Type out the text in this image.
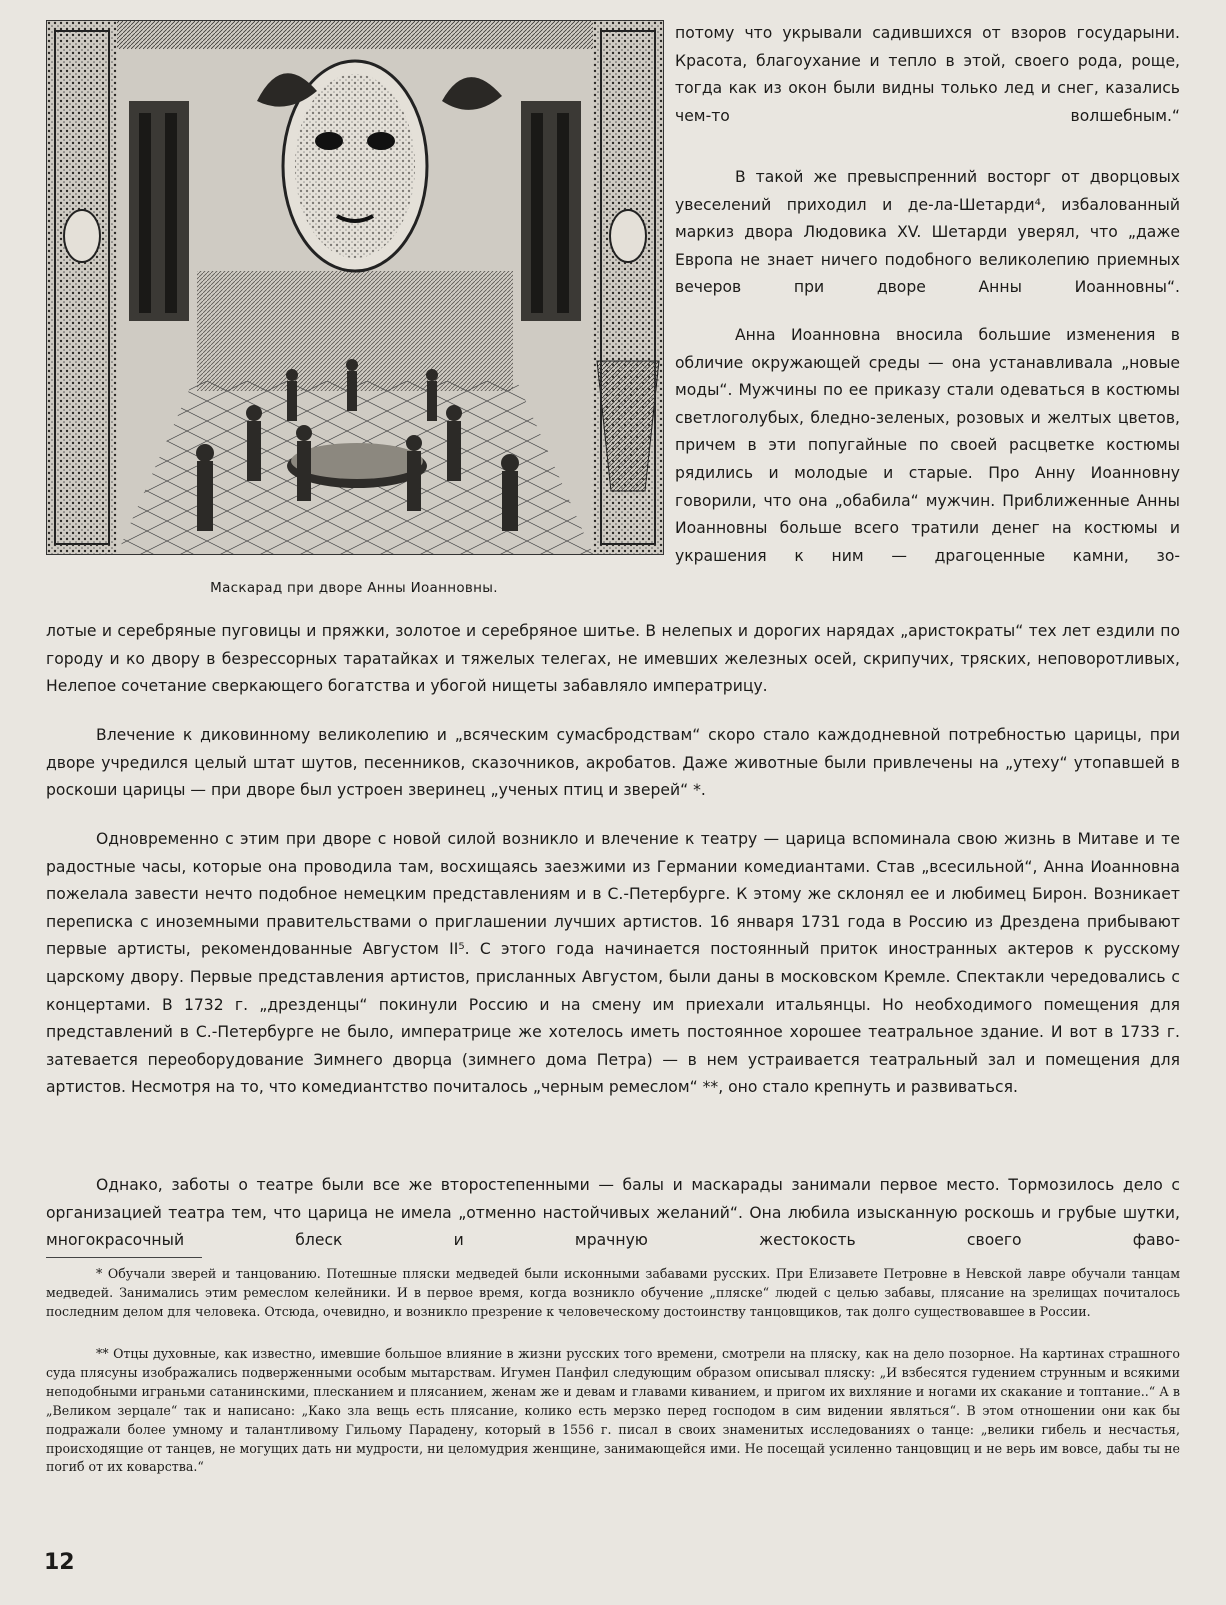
Маскарад при дворе Анны Иоанновны.

потому что укрывали садившихся от взоров государыни. Красота, благоухание и тепло в этой, своего рода, роще, тогда как из окон были видны только лед и снег, казались чем-то волшебным.“

В такой же превыспренний восторг от дворцовых увеселений приходил и де-ла-Шетарди⁴, избалованный маркиз двора Людовика XV. Шетарди уверял, что „даже Европа не знает ничего подобного великолепию приемных вечеров при дворе Анны Иоанновны“.

Анна Иоанновна вносила большие изменения в обличие окружающей среды — она устанавливала „новые моды“. Мужчины по ее приказу стали одеваться в костюмы светлоголубых, бледно-зеленых, розовых и желтых цветов, причем в эти попугайные по своей расцветке костюмы рядились и молодые и старые. Про Анну Иоанновну говорили, что она „обабила“ мужчин. Приближенные Анны Иоанновны больше всего тратили денег на костюмы и украшения к ним — драгоценные камни, зо-

лотые и серебряные пуговицы и пряжки, золотое и серебряное шитье. В нелепых и дорогих нарядах „аристократы“ тех лет ездили по городу и ко двору в безрессорных таратайках и тяжелых телегах, не имевших железных осей, скрипучих, тряских, неповоротливых, Нелепое сочетание сверкающего богатства и убогой нищеты забавляло императрицу.

Влечение к диковинному великолепию и „всяческим сумасбродствам“ скоро стало каждодневной потребностью царицы, при дворе учредился целый штат шутов, песенников, сказочников, акробатов. Даже животные были привлечены на „утеху“ утопавшей в роскоши царицы — при дворе был устроен зверинец „ученых птиц и зверей“ *.

Одновременно с этим при дворе с новой силой возникло и влечение к театру — царица вспоминала свою жизнь в Митаве и те радостные часы, которые она проводила там, восхищаясь заезжими из Германии комедиантами. Став „всесильной“, Анна Иоанновна пожелала завести нечто подобное немецким представлениям и в С.-Петербурге. К этому же склонял ее и любимец Бирон. Возникает переписка с иноземными правительствами о приглашении лучших артистов. 16 января 1731 года в Россию из Дрездена прибывают первые артисты, рекомендованные Августом II⁵. С этого года начинается постоянный приток иностранных актеров к русскому царскому двору. Первые представления артистов, присланных Августом, были даны в московском Кремле. Спектакли чередовались с концертами. В 1732 г. „дрезденцы“ покинули Россию и на смену им приехали итальянцы. Но необходимого помещения для представлений в С.-Петербурге не было, императрице же хотелось иметь постоянное хорошее театральное здание. И вот в 1733 г. затевается переоборудование Зимнего дворца (зимнего дома Петра) — в нем устраивается театральный зал и помещения для артистов. Несмотря на то, что комедиантство почиталось „черным ремеслом“ **, оно стало крепнуть и развиваться.

Однако, заботы о театре были все же второстепенными — балы и маскарады занимали первое место. Тормозилось дело с организацией театра тем, что царица не имела „отменно настойчивых желаний“. Она любила изысканную роскошь и грубые шутки, многокрасочный блеск и мрачную жестокость своего фаво-

* Обучали зверей и танцованию. Потешные пляски медведей были исконными забавами русских. При Елизавете Петровне в Невской лавре обучали танцам медведей. Занимались этим ремеслом келейники. И в первое время, когда возникло обучение „пляске“ людей с целью забавы, плясание на зрелищах почиталось последним делом для человека. Отсюда, очевидно, и возникло презрение к человеческому достоинству танцовщиков, так долго существовавшее в России.

** Отцы духовные, как известно, имевшие большое влияние в жизни русских того времени, смотрели на пляску, как на дело позорное. На картинах страшного суда плясуны изображались подверженными особым мытарствам. Игумен Панфил следующим образом описывал пляску: „И взбесятся гудением струнным и всякими неподобными играньми сатанинскими, плесканием и плясанием, женам же и девам и главами киванием, и пригом их вихляние и ногами их скакание и топтание..“ А в „Великом зерцале“ так и написано: „Како зла вещь есть плясание, колико есть мерзко перед господом в сим видении являться“. В этом отношении они как бы подражали более умному и талантливому Гильому Парадену, который в 1556 г. писал в своих знаменитых исследованиях о танце: „велики гибель и несчастья, происходящие от танцев, не могущих дать ни мудрости, ни целомудрия женщине, занимающейся ими. Не посещай усиленно танцовщиц и не верь им вовсе, дабы ты не погиб от их коварства.“

12
